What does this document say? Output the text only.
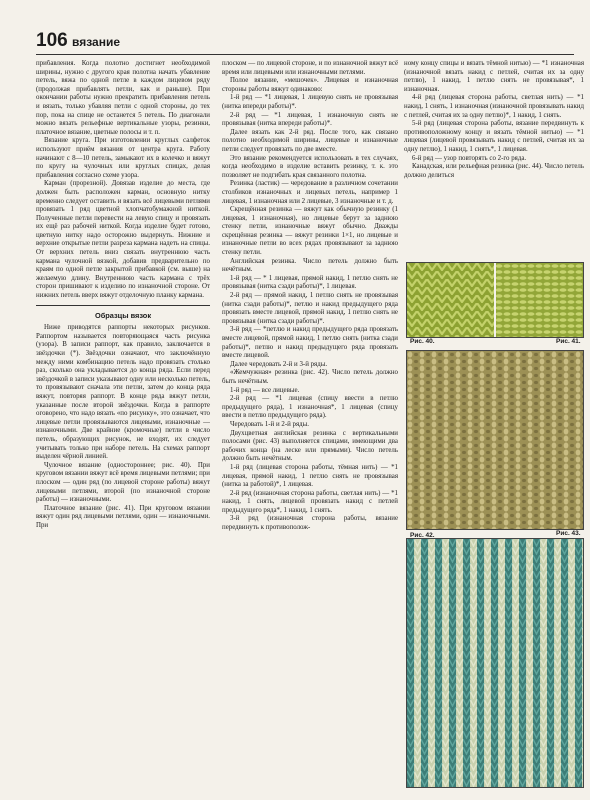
106 вязание

прибавления. Когда полотно достигнет необходимой ширины, нужно с другого края полотна начать убавление петель, вяжа по одной петле в каждом лицевом ряду (продолжая прибавлять петли, как и раньше). При окончании работы нужно прекратить прибавления петель и вязать, только убавляя петли с одной стороны, до тех пор, пока на спице не останется 5 петель. По диагонали можно вязать рельефные вертикальные узоры, резинки, платочное вязание, цветные полосы и т. п.

Вязание круга. При изготовлении круглых салфеток используют приём вязания от центра круга. Работу начинают с 8—10 петель, замыкают их в колечко и вяжут по кругу на чулочных или круглых спицах, делая прибавления согласно схеме узора.

Карман (прорезной). Довязав изделие до места, где должен быть расположен карман, основную нитку временно следует оставить и вязать всё лицевыми петлями провязать 1 ряд цветной хлопчатобумажной ниткой. Полученные петли перевести на левую спицу и провязать их ещё раз рабочей ниткой. Когда изделие будет готово, цветную нитку надо осторожно выдернуть. Нижние и верхние открытые петли разреза кармана надеть на спицы. От верхних петель вниз связать внутреннюю часть кармана чулочной вязкой, добавив предварительно по краям по одной петле закрытой прибавкой (см. выше) на желаемую длину. Внутреннюю часть кармана с трёх сторон пришивают к изделию по изнаночной стороне. От нижних петель вверх вяжут отделочную планку кармана.

Образцы вязок

Ниже приводятся раппорты некоторых рисунков. Раппортом называется повторяющаяся часть рисунка (узора). В записи раппорт, как правило, заключается в звёздочки (*). Звёздочки означают, что заключённую между ними комбинацию петель надо провязать столько раз, сколько она укладывается до конца ряда. Если перед звёздочкой в записи указывают одну или несколько петель, то провязывают сначала эти петли, затем до конца ряда вяжут, повторяя раппорт. В конце ряда вяжут петли, указанные после второй звёздочки. Когда в раппорте оговорено, что надо вязать «по рисунку», это означает, что лицевые петли провязываются лицевыми, изнаночные — изнаночными. Две крайние (кромочные) петли в число петель, образующих рисунок, не входят, их следует учитывать только при наборе петель. На схемах раппорт выделен чёрной линией.

Чулочное вязание (одностороннее; рис. 40). При круговом вязании вяжут всё время лицевыми петлями; при плоском — один ряд (по лицевой стороне работы) вяжут лицевыми петлями, второй (по изнаночной стороне работы) — изнаночными.

Платочное вязание (рис. 41). При круговом вязании вяжут один ряд лицевыми петлями, один — изнаночными. При

плоском — по лицевой стороне, и по изнаночной вяжут всё время или лицевыми или изнаночными петлями.

Полое вязание, «мешочек». Лицевая и изнаночная стороны работы вяжут одинаково:

1-й ряд — *1 лицевая, 1 лицевую снять не провязывая (нитка впереди работы)*.

2-й ряд — *1 лицевая, 1 изнаночную снять не провязывая (нитка впереди работы)*.

Далее вязать как 2-й ряд. После того, как связано полотно необходимой ширины, лицевые и изнаночные петли следует провязать по две вместе.

Это вязание рекомендуется использовать в тех случаях, когда необходимо в изделие вставить резинку, т. к. это позволяет не подгибать края связанного полотна.

Резинка (ластик) — чередование в различном сочетании столбиков изнаночных и лицевых петель, например 1 лицевая, 1 изнаночная или 2 лицевые, 3 изнаночные и т. д.

Скрещённая резинка — вяжут как обычную резинку (1 лицевая, 1 изнаночная), но лицевые берут за заднюю стенку петли, изнаночные вяжут обычно. Дважды скрещённая резинка — вяжут резинки 1×1, но лицевые и изнаночные петли во всех рядах провязывают за заднюю стенку петли.

Английская резинка. Число петель должно быть нечётным.

1-й ряд — * 1 лицевая, прямой накид, 1 петлю снять не провязывая (нитка сзади работы)*, 1 лицевая.

2-й ряд — прямой накид, 1 петлю снять не провязывая (нитка сзади работы)*, петлю и накид предыдущего ряда провязать вместе лицевой, прямой накид, 1 петлю снять не провязывая (нитка сзади работы)*.

3-й ряд — *петлю и накид предыдущего ряда провязать вместе лицевой, прямой накид, 1 петлю снять (нитка сзади работы)*, петлю и накид предыдущего ряда провязать вместе лицевой.

Далее чередовать 2-й и 3-й ряды.

«Жемчужная» резинка (рис. 42). Число петель должно быть нечётным.

1-й ряд — все лицевые.

2-й ряд — *1 лицевая (спицу ввести в петлю предыдущего ряда), 1 изнаночная*, 1 лицевая (спицу ввести в петлю предыдущего ряда).

Чередовать 1-й и 2-й ряды.

Двухцветная английская резинка с вертикальными полосами (рис. 43) выполняется спицами, имеющими два рабочих конца (на леске или прямыми). Число петель должно быть нечётным.

1-й ряд (лицевая сторона работы, тёмная нить) — *1 лицевая, прямой накид, 1 петлю снять не провязывая (нитка за работой)*, 1 лицевая.

2-й ряд (изнаночная сторона работы, светлая нить) — *1 накид, 1 снять, лицевой провязать накид с петлей предыдущего ряда*, 1 накид, 1 снять.

3-й ряд (изнаночная сторона работы, вязание передвинуть к противополож-

ному концу спицы и вязать тёмной нитью) — *1 изнаночная (изнаночной вязать накид с петлей, считая их за одну петлю), 1 накид, 1 петлю снять не провязывая*, 1 изнаночная.

4-й ряд (лицевая сторона работы, светлая нить) — *1 накид, 1 снять, 1 изнаночная (изнаночной провязывать накид с петлей, считая их за одну петлю)*, 1 накид, 1 снять.

5-й ряд (лицевая сторона работы, вязание передвинуть к противоположному концу и вязать тёмной нитью) — *1 лицевая (лицевой провязывать накид с петлей, считая их за одну петлю), 1 накид, 1 снять*, 1 лицевая.

6-й ряд — узор повторять со 2-го ряда.

Канадская, или рельефная резинка (рис. 44). Число петель должно делиться

Рис. 40.	Рис. 41.
Рис. 42.	Рис. 43.
